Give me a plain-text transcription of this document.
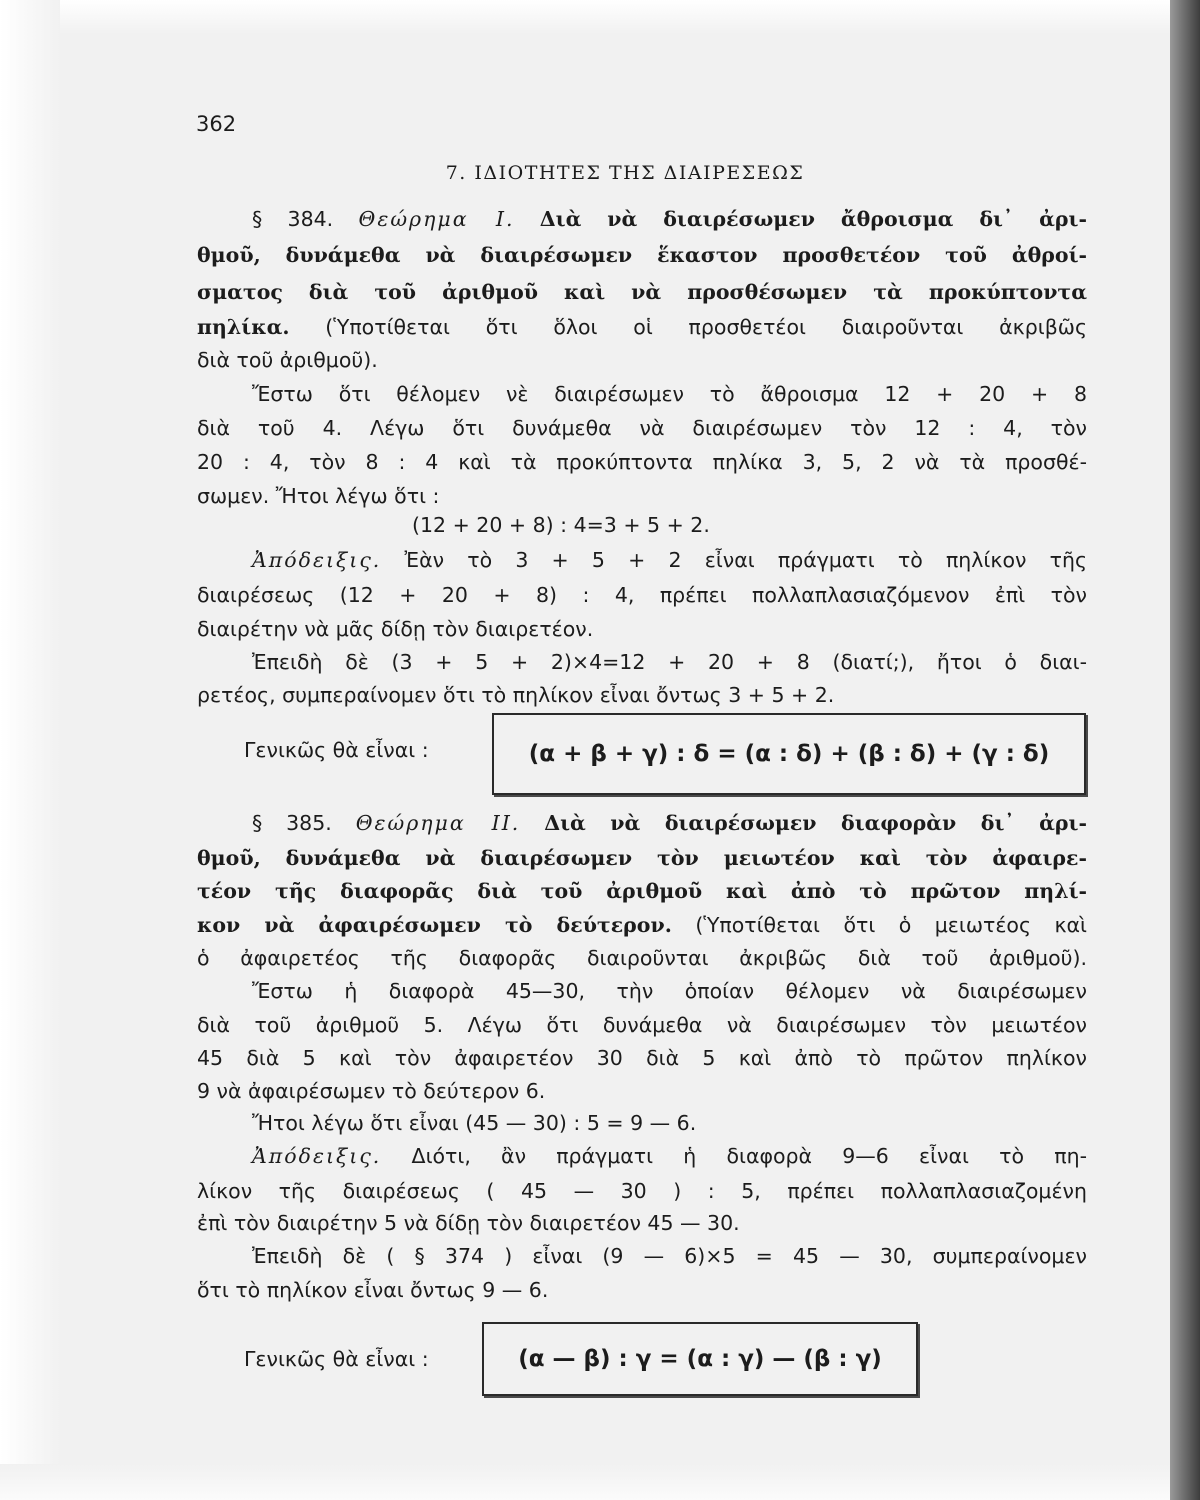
362
7. ΙΔΙΟΤΗΤΕΣ ΤΗΣ ΔΙΑΙΡΕΣΕΩΣ
§ 384. Θεώρημα Ι. Διὰ νὰ διαιρέσωμεν ἄθροισμα δι᾽ ἀρι-
θμοῦ, δυνάμεθα νὰ διαιρέσωμεν ἕκαστον προσθετέον τοῦ ἀθροί-
σματος διὰ τοῦ ἀριθμοῦ καὶ νὰ προσθέσωμεν τὰ προκύπτοντα
πηλίκα. (Ὑποτίθεται ὅτι ὅλοι οἱ προσθετέοι διαιροῦνται ἀκριβῶς
διὰ τοῦ ἀριθμοῦ).
Ἔστω ὅτι θέλομεν νὲ διαιρέσωμεν τὸ ἄθροισμα 12 + 20 + 8
διὰ τοῦ 4. Λέγω ὅτι δυνάμεθα νὰ διαιρέσωμεν τὸν 12 : 4, τὸν
20 : 4, τὸν 8 : 4 καὶ τὰ προκύπτοντα πηλίκα 3, 5, 2 νὰ τὰ προσθέ-
σωμεν. Ἤτοι λέγω ὅτι :
(12 + 20 + 8) : 4=3 + 5 + 2.
Ἀπόδειξις. Ἐὰν τὸ 3 + 5 + 2 εἶναι πράγματι τὸ πηλίκον τῆς
διαιρέσεως (12 + 20 + 8) : 4, πρέπει πολλαπλασιαζόμενον ἐπὶ τὸν
διαιρέτην νὰ μᾶς δίδῃ τὸν διαιρετέον.
Ἐπειδὴ δὲ (3 + 5 + 2)×4=12 + 20 + 8 (διατί;), ἤτοι ὁ διαι-
ρετέος, συμπεραίνομεν ὅτι τὸ πηλίκον εἶναι ὄντως 3 + 5 + 2.
Γενικῶς θὰ εἶναι :	(α + β + γ) : δ = (α : δ) + (β : δ) + (γ : δ)
§ 385. Θεώρημα ΙΙ. Διὰ νὰ διαιρέσωμεν διαφορὰν δι᾽ ἀρι-
θμοῦ, δυνάμεθα νὰ διαιρέσωμεν τὸν μειωτέον καὶ τὸν ἀφαιρε-
τέον τῆς διαφορᾶς διὰ τοῦ ἀριθμοῦ καὶ ἀπὸ τὸ πρῶτον πηλί-
κον νὰ ἀφαιρέσωμεν τὸ δεύτερον. (Ὑποτίθεται ὅτι ὁ μειωτέος καὶ
ὁ ἀφαιρετέος τῆς διαφορᾶς διαιροῦνται ἀκριβῶς διὰ τοῦ ἀριθμοῦ).
Ἔστω ἡ διαφορὰ 45—30, τὴν ὁποίαν θέλομεν νὰ διαιρέσωμεν
διὰ τοῦ ἀριθμοῦ 5. Λέγω ὅτι δυνάμεθα νὰ διαιρέσωμεν τὸν μειωτέον
45 διὰ 5 καὶ τὸν ἀφαιρετέον 30 διὰ 5 καὶ ἀπὸ τὸ πρῶτον πηλίκον
9 νὰ ἀφαιρέσωμεν τὸ δεύτερον 6.
Ἤτοι λέγω ὅτι εἶναι (45 — 30) : 5 = 9 — 6.
Ἀπόδειξις. Διότι, ἂν πράγματι ἡ διαφορὰ 9—6 εἶναι τὸ πη-
λίκον τῆς διαιρέσεως ( 45 — 30 ) : 5, πρέπει πολλαπλασιαζομένη
ἐπὶ τὸν διαιρέτην 5 νὰ δίδῃ τὸν διαιρετέον 45 — 30.
Ἐπειδὴ δὲ ( § 374 ) εἶναι (9 — 6)×5 = 45 — 30, συμπεραίνομεν
ὅτι τὸ πηλίκον εἶναι ὄντως 9 — 6.
Γενικῶς θὰ εἶναι :	(α — β) : γ = (α : γ) — (β : γ)
